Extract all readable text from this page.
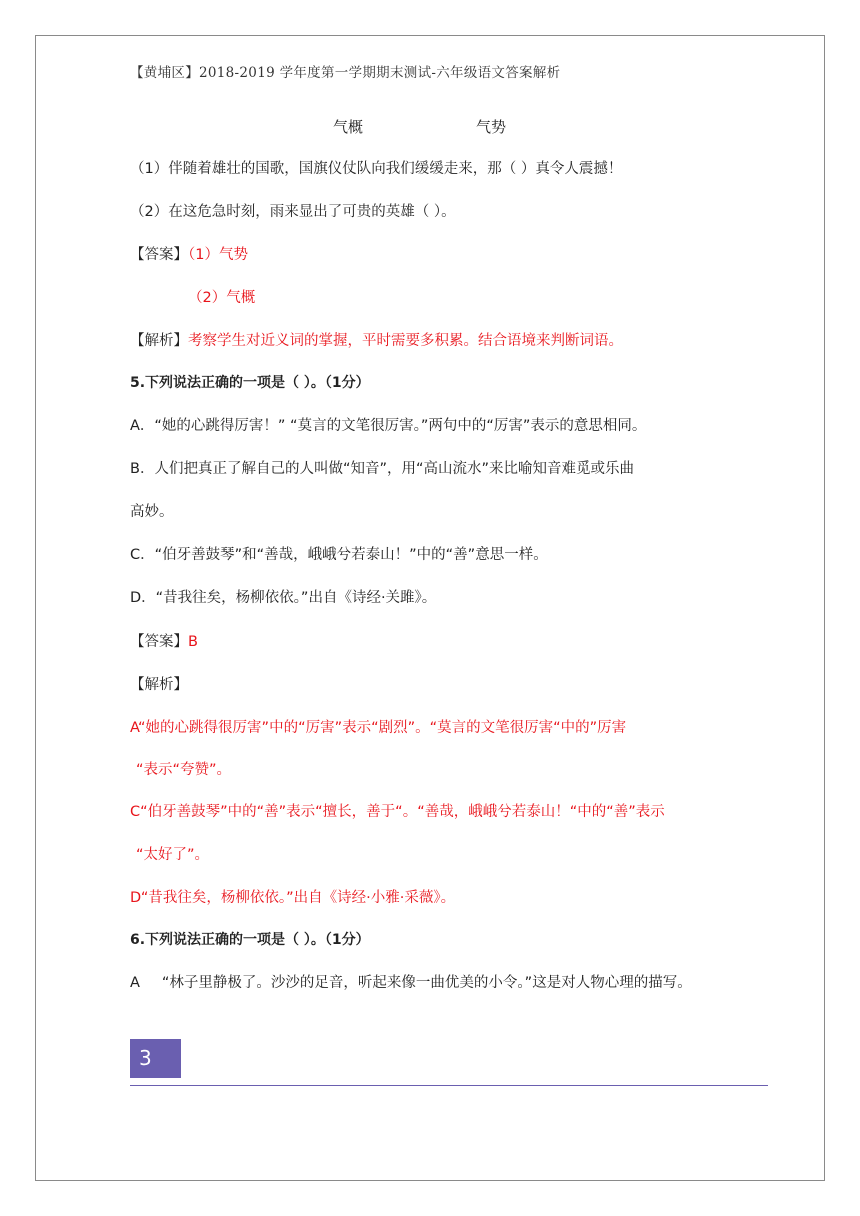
【黄埔区】2018-2019 学年度第一学期期末测试-六年级语文答案解析
气概	气势
（1）伴随着雄壮的国歌，国旗仪仗队向我们缓缓走来，那（ ）真令人震撼！
（2）在这危急时刻，雨来显出了可贵的英雄（ ）。
【答案】（1）气势
（2）气概
【解析】考察学生对近义词的掌握，平时需要多积累。结合语境来判断词语。
5.下列说法正确的一项是（ ）。（1分）
A．“她的心跳得厉害！” “莫言的文笔很厉害。”两句中的“厉害”表示的意思相同。
B．人们把真正了解自己的人叫做“知音”，用“高山流水”来比喻知音难觅或乐曲
高妙。
C．“伯牙善鼓琴”和“善哉，峨峨兮若泰山！”中的“善”意思一样。
D．“昔我往矣，杨柳依依。”出自《诗经·关雎》。
【答案】B
【解析】
A“她的心跳得很厉害”中的“厉害”表示“剧烈”。“莫言的文笔很厉害“中的”厉害
“表示“夸赞”。
C“伯牙善鼓琴”中的“善”表示“擅长，善于“。“善哉，峨峨兮若泰山！“中的“善”表示
“太好了”。
D“昔我往矣，杨柳依依。”出自《诗经·小雅·采薇》。
6.下列说法正确的一项是（ ）。（1分）
A “林子里静极了。沙沙的足音，听起来像一曲优美的小令。”这是对人物心理的描写。
3
